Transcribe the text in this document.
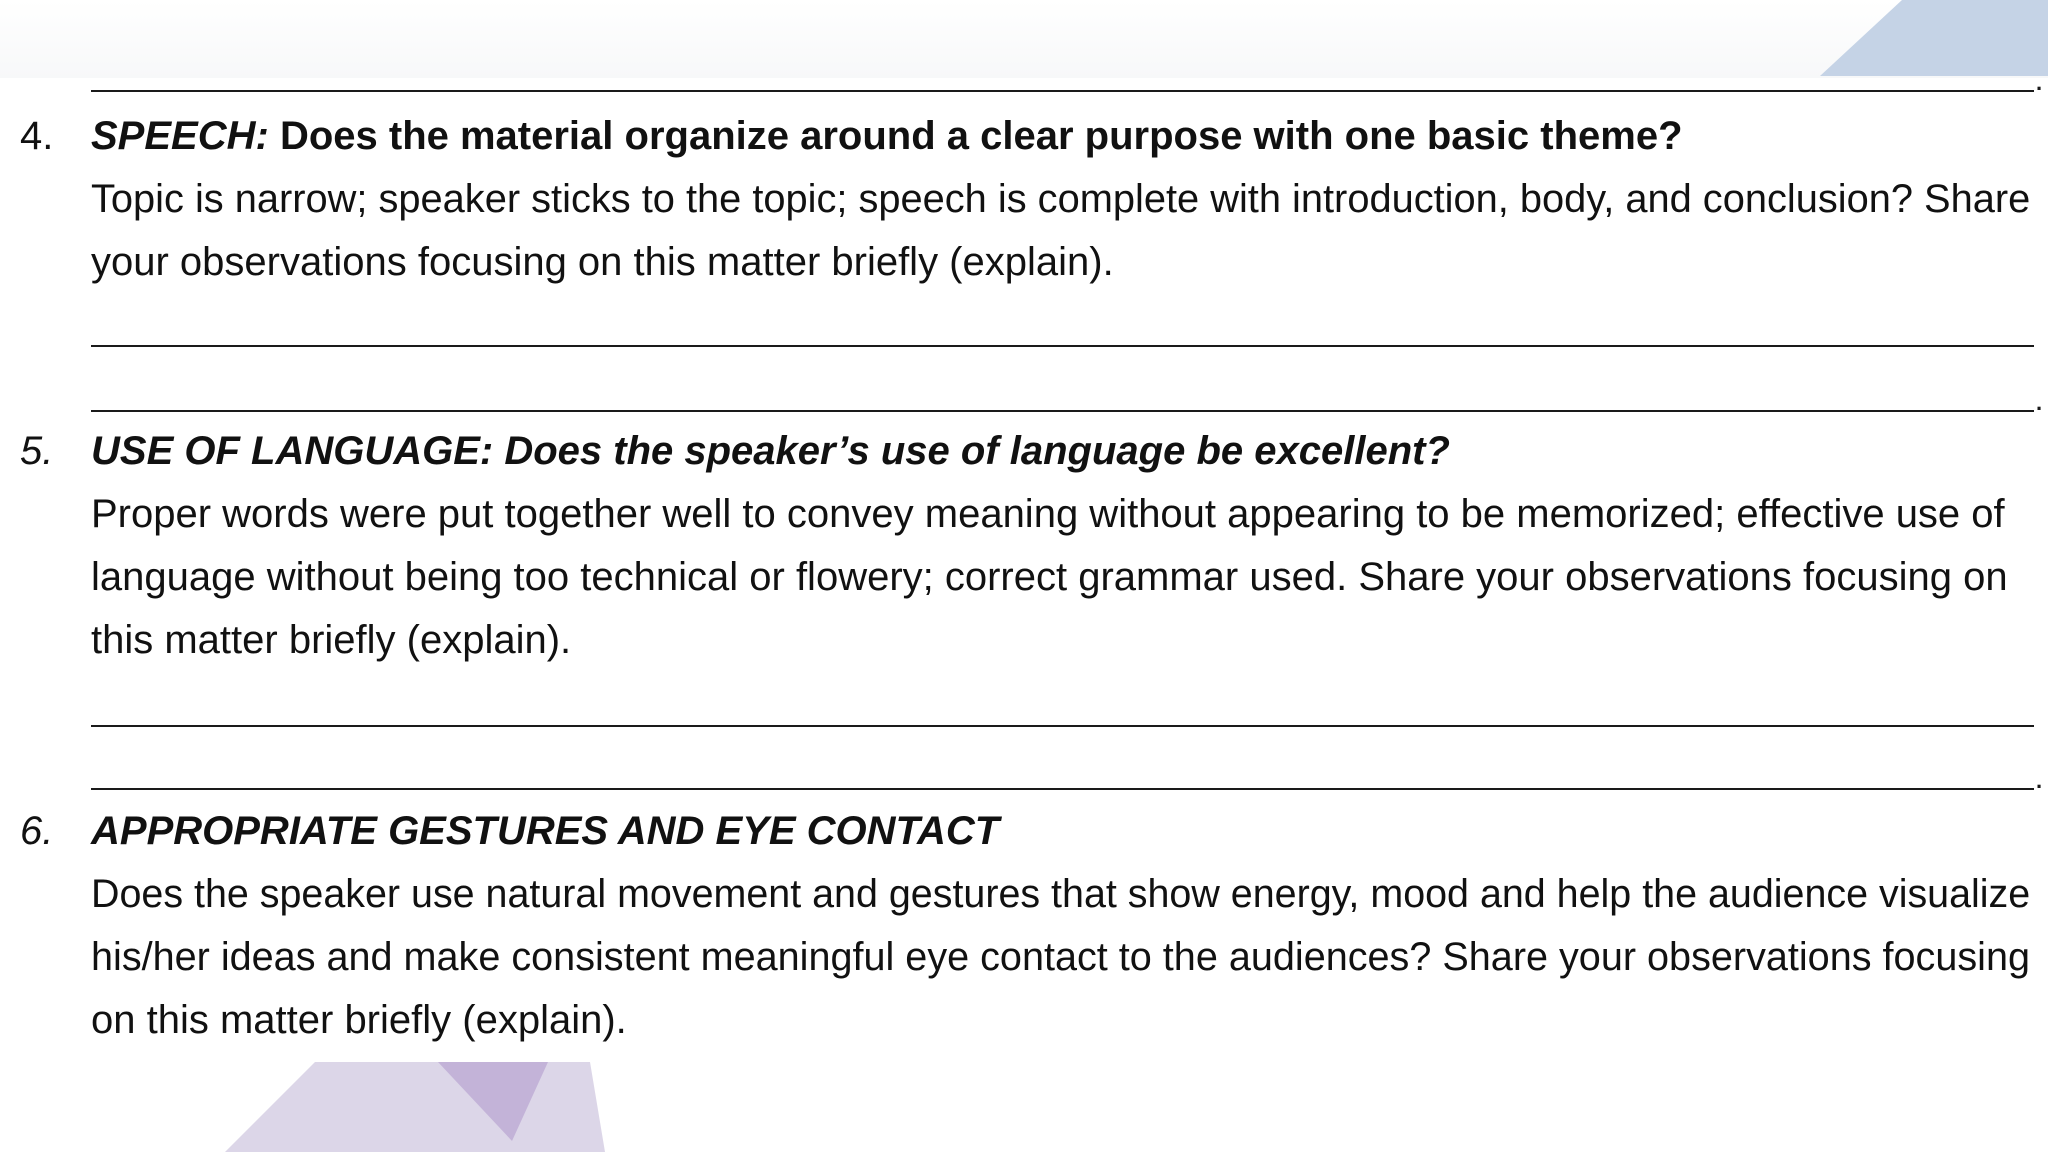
.
4. SPEECH: Does the material organize around a clear purpose with one basic theme?
Topic is narrow; speaker sticks to the topic; speech is complete with introduction, body, and conclusion? Share
your observations focusing on this matter briefly (explain).
.
5. USE OF LANGUAGE: Does the speaker’s use of language be excellent?
Proper words were put together well to convey meaning without appearing to be memorized; effective use of
language without being too technical or flowery; correct grammar used. Share your observations focusing on
this matter briefly (explain).
.
6. APPROPRIATE GESTURES AND EYE CONTACT
Does the speaker use natural movement and gestures that show energy, mood and help the audience visualize
his/her ideas and make consistent meaningful eye contact to the audiences? Share your observations focusing
on this matter briefly (explain).
